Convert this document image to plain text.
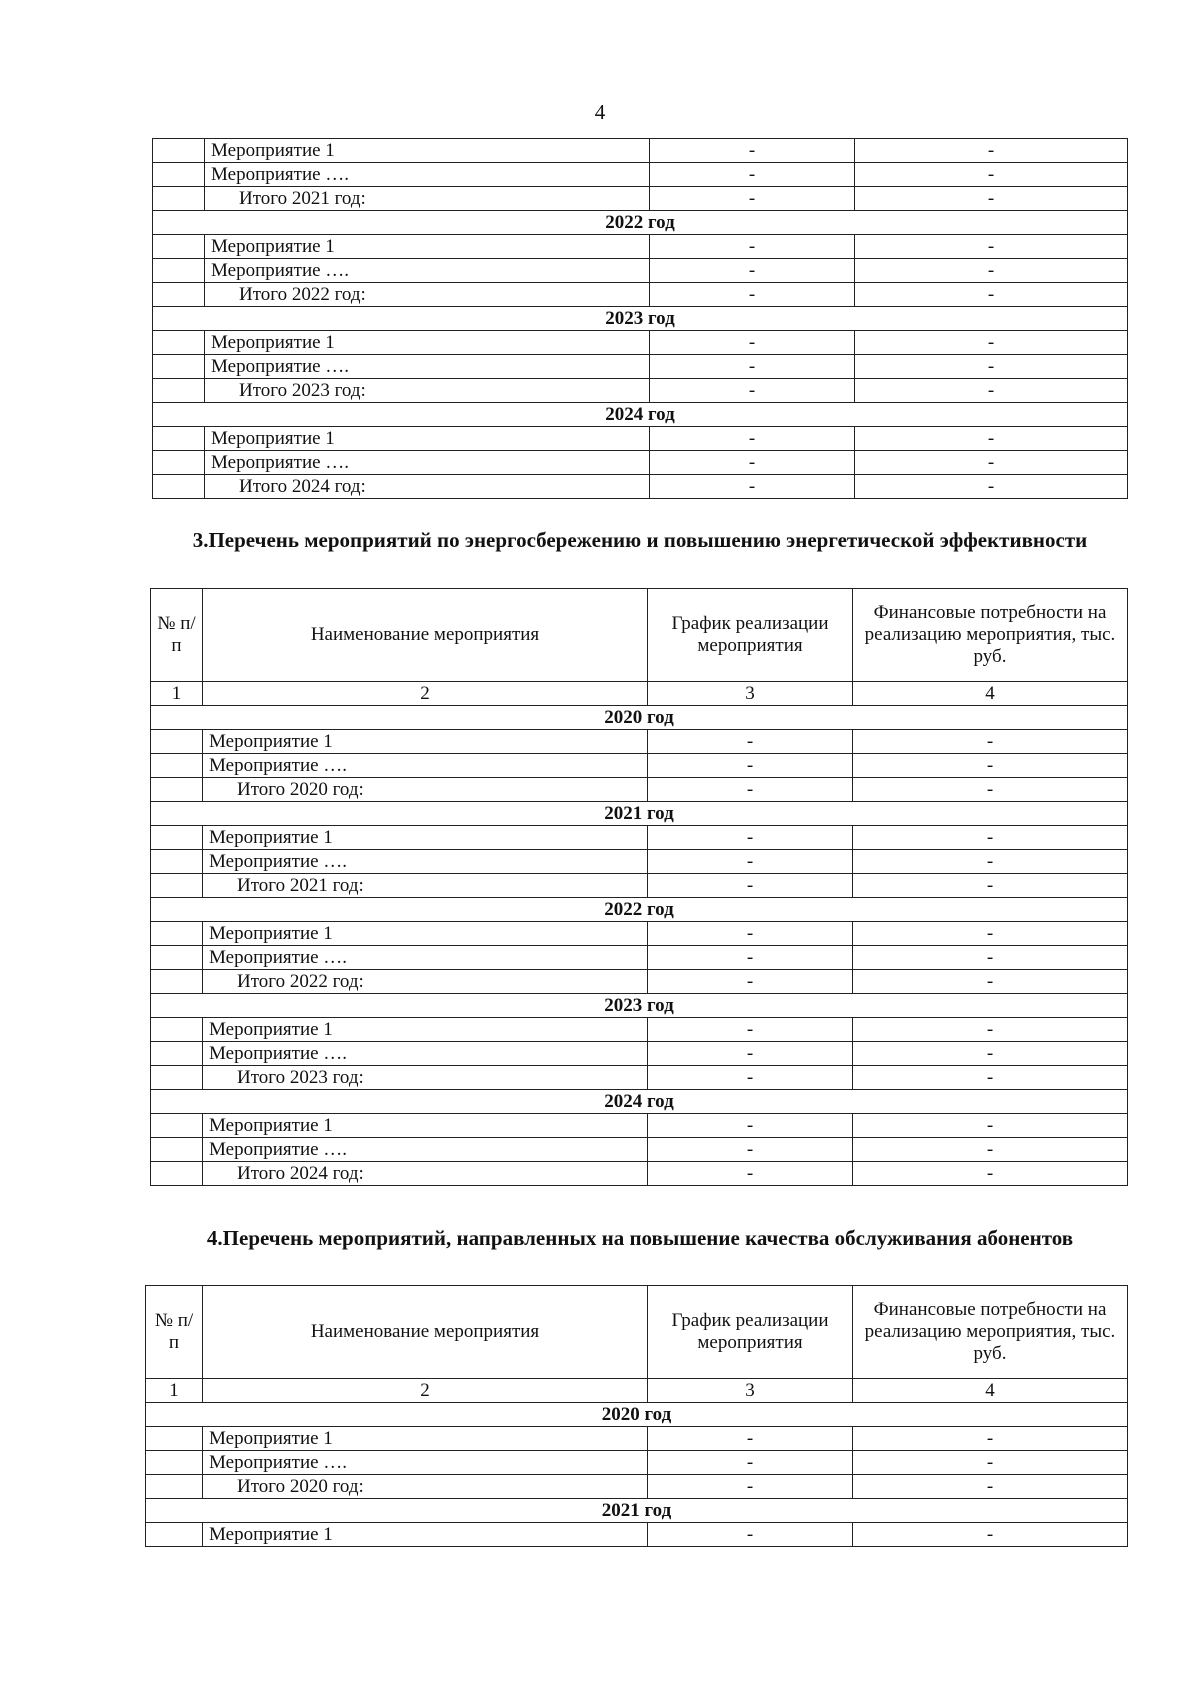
4
	Мероприятие 1	-	-
	Мероприятие ….	-	-
	Итого 2021 год:	-	-
2022 год			
	Мероприятие 1	-	-
	Мероприятие ….	-	-
	Итого 2022 год:	-	-
2023 год			
	Мероприятие 1	-	-
	Мероприятие ….	-	-
	Итого 2023 год:	-	-
2024 год			
	Мероприятие 1	-	-
	Мероприятие ….	-	-
	Итого 2024 год:	-	-
3.Перечень мероприятий по энергосбережению и повышению энергетической эффективности
№ п/п	Наименование мероприятия	График реализации мероприятия	Финансовые потребности на реализацию мероприятия, тыс. руб.
1	2	3	4
2020 год			
	Мероприятие 1	-	-
	Мероприятие ….	-	-
	Итого 2020 год:	-	-
2021 год			
	Мероприятие 1	-	-
	Мероприятие ….	-	-
	Итого 2021 год:	-	-
2022 год			
	Мероприятие 1	-	-
	Мероприятие ….	-	-
	Итого 2022 год:	-	-
2023 год			
	Мероприятие 1	-	-
	Мероприятие ….	-	-
	Итого 2023 год:	-	-
2024 год			
	Мероприятие 1	-	-
	Мероприятие ….	-	-
	Итого 2024 год:	-	-
4.Перечень мероприятий, направленных на повышение качества обслуживания абонентов
№ п/п	Наименование мероприятия	График реализации мероприятия	Финансовые потребности на реализацию мероприятия, тыс. руб.
1	2	3	4
2020 год			
	Мероприятие 1	-	-
	Мероприятие ….	-	-
	Итого 2020 год:	-	-
2021 год			
	Мероприятие 1	-	-
